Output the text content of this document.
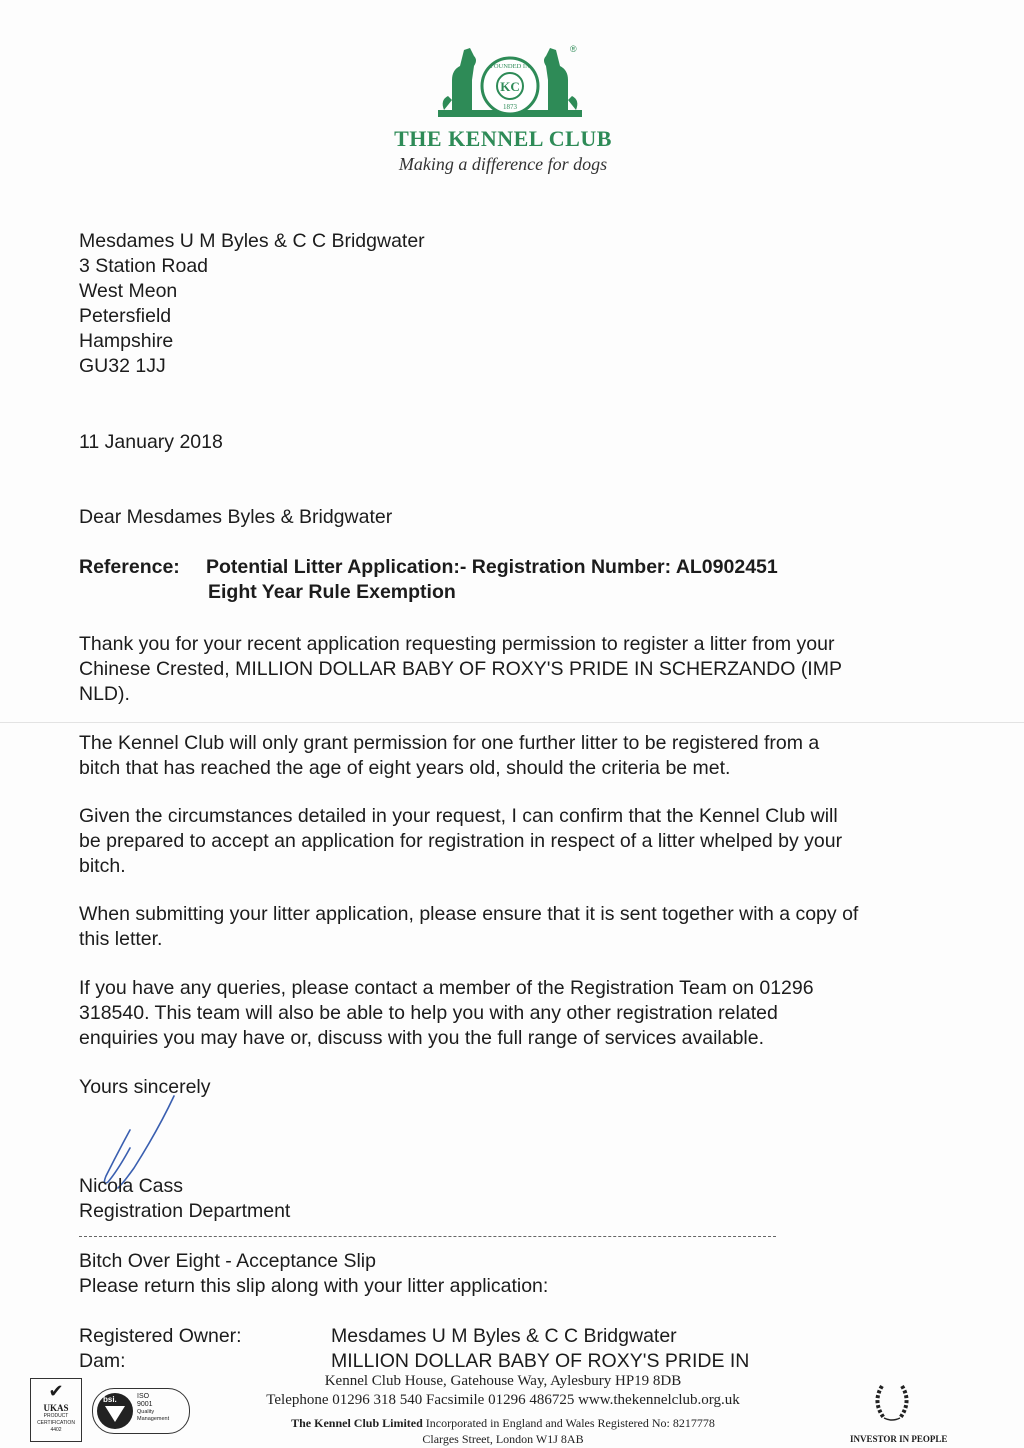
KC
FOUNDED IN
1873
®
THE KENNEL CLUB
Making a difference for dogs
Mesdames U M Byles & C C Bridgwater
3 Station Road
West Meon
Petersfield
Hampshire
GU32 1JJ
11 January 2018
Dear Mesdames Byles & Bridgwater
Reference: Potential Litter Application:- Registration Number: AL0902451
Eight Year Rule Exemption
Thank you for your recent application requesting permission to register a litter from your
Chinese Crested, MILLION DOLLAR BABY OF ROXY'S PRIDE IN SCHERZANDO (IMP
NLD).
The Kennel Club will only grant permission for one further litter to be registered from a
bitch that has reached the age of eight years old, should the criteria be met.
Given the circumstances detailed in your request, I can confirm that the Kennel Club will
be prepared to accept an application for registration in respect of a litter whelped by your
bitch.
When submitting your litter application, please ensure that it is sent together with a copy of
this letter.
If you have any queries, please contact a member of the Registration Team on 01296
318540. This team will also be able to help you with any other registration related
enquiries you may have or, discuss with you the full range of services available.
Yours sincerely
Nicola Cass
Registration Department
Bitch Over Eight - Acceptance Slip
Please return this slip along with your litter application:
Registered Owner:	Mesdames U M Byles & C C Bridgwater
Dam:	MILLION DOLLAR BABY OF ROXY'S PRIDE IN
Kennel Club House, Gatehouse Way, Aylesbury HP19 8DB
Telephone 01296 318 540 Facsimile 01296 486725 www.thekennelclub.org.uk
The Kennel Club Limited Incorporated in England and Wales Registered No: 8217778
Clarges Street, London W1J 8AB
✔
UKAS
PRODUCT CERTIFICATION
4402
bsi.	ISO
9001
Quality Management
INVESTOR IN PEOPLE
